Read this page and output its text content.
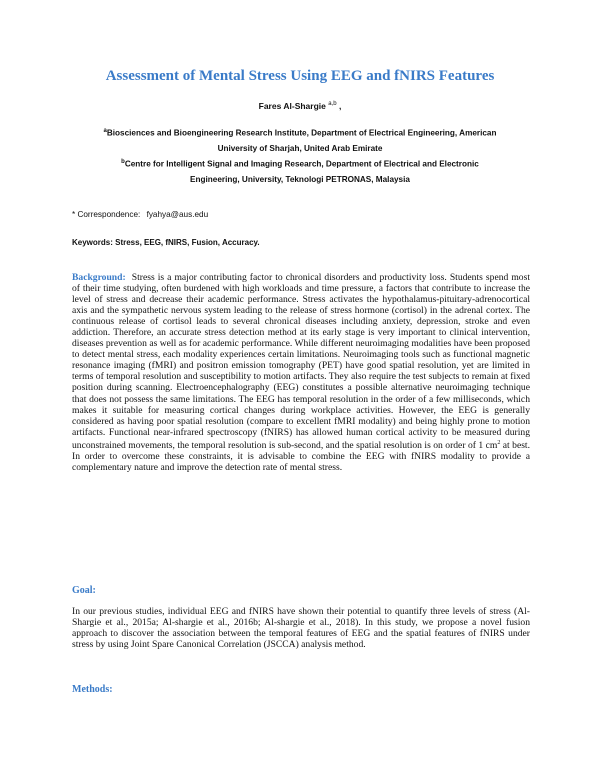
Assessment of Mental Stress Using EEG and fNIRS Features
Fares Al-Shargie $^{a,b}$ ,
$^a$Biosciences and Bioengineering Research Institute, Department of Electrical Engineering, American
University of Sharjah, United Arab Emirate
$^b$Centre for Intelligent Signal and Imaging Research, Department of Electrical and Electronic
Engineering, University, Teknologi PETRONAS, Malaysia
* Correspondence: fyahya@aus.edu
Keywords: Stress, EEG, fNIRS, Fusion, Accuracy.
Background: Stress is a major contributing factor to chronical disorders and productivity loss. Students spend most of their time studying, often burdened with high workloads and time pressure, a factors that contribute to increase the level of stress and decrease their academic performance. Stress activates the hypothalamus-pituitary-adrenocortical axis and the sympathetic nervous system leading to the release of stress hormone (cortisol) in the adrenal cortex. The continuous release of cortisol leads to several chronical diseases including anxiety, depression, stroke and even addiction. Therefore, an accurate stress detection method at its early stage is very important to clinical intervention, diseases prevention as well as for academic performance. While different neuroimaging modalities have been proposed to detect mental stress, each modality experiences certain limitations. Neuroimaging tools such as functional magnetic resonance imaging (fMRI) and positron emission tomography (PET) have good spatial resolution, yet are limited in terms of temporal resolution and susceptibility to motion artifacts. They also require the test subjects to remain at fixed position during scanning. Electroencephalography (EEG) constitutes a possible alternative neuroimaging technique that does not possess the same limitations. The EEG has temporal resolution in the order of a few milliseconds, which makes it suitable for measuring cortical changes during workplace activities. However, the EEG is generally considered as having poor spatial resolution (compare to excellent fMRI modality) and being highly prone to motion artifacts. Functional near-infrared spectroscopy (fNIRS) has allowed human cortical activity to be measured during unconstrained movements, the temporal resolution is sub-second, and the spatial resolution is on order of 1 $cm^2$ at best. In order to overcome these constraints, it is advisable to combine the EEG with fNIRS modality to provide a complementary nature and improve the detection rate of mental stress.
Goal:
In our previous studies, individual EEG and fNIRS have shown their potential to quantify three levels of stress (Al-Shargie et al., 2015a; Al-shargie et al., 2016b; Al-shargie et al., 2018). In this study, we propose a novel fusion approach to discover the association between the temporal features of EEG and the spatial features of fNIRS under stress by using Joint Spare Canonical Correlation (JSCCA) analysis method.
Methods:
